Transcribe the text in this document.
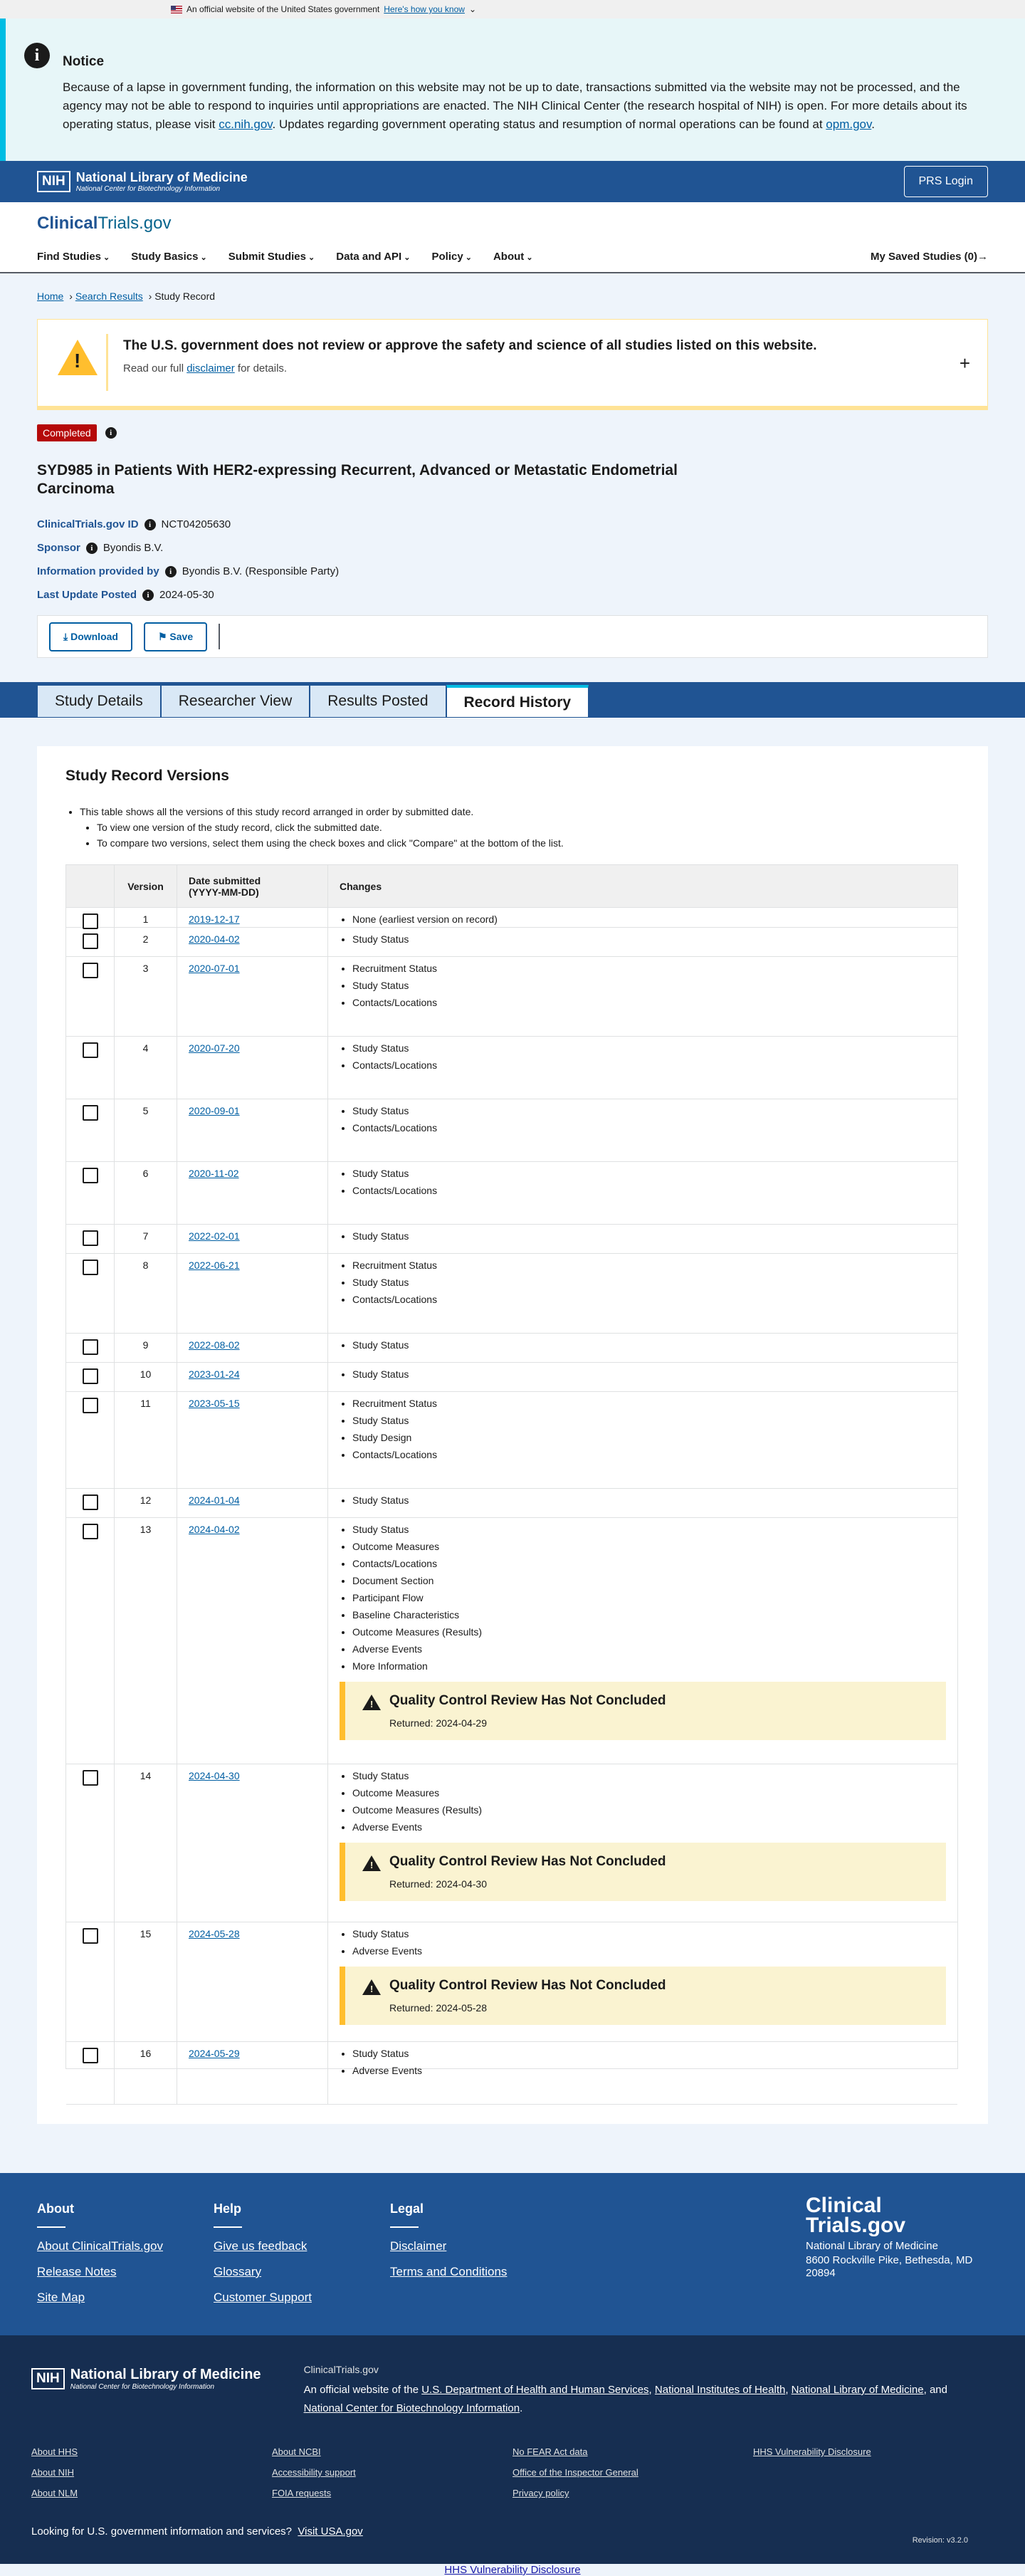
An official website of the United States government Here's how you know ⌄
i	Notice

Because of a lapse in government funding, the information on this website may not be up to date, transactions submitted via the website may not be processed, and the agency may not be able to respond to inquiries until appropriations are enacted. The NIH Clinical Center (the research hospital of NIH) is open. For more details about its operating status, please visit cc.nih.gov. Updates regarding government operating status and resumption of normal operations can be found at opm.gov.

NIH National Library of Medicine
National Center for Biotechnology Information
PRS Login
ClinicalTrials.gov
Find Studies ⌄	Study Basics ⌄	Submit Studies ⌄	Data and API ⌄	Policy ⌄	About ⌄	My Saved Studies (0)→
Home › Search Results › Study Record
!
The U.S. government does not review or approve the safety and science of all studies listed on this website.

Read our full disclaimer for details.	+
Completed	i
SYD985 in Patients With HER2-expressing Recurrent, Advanced or Metastatic Endometrial Carcinoma
ClinicalTrials.gov ID	i NCT04205630
Sponsor	i Byondis B.V.
Information provided by	i Byondis B.V. (Responsible Party)
Last Update Posted	i 2024-05-30
⤓ Download	⚑ Save
Study Details	Researcher View	Results Posted	Record History
Study Record Versions
• This table shows all the versions of this study record arranged in order by submitted date.
• To view one version of the study record, click the submitted date.
• To compare two versions, select them using the check boxes and click "Compare" at the bottom of the list.
Version	Date submitted
(YYYY-MM-DD)	Changes
1	2019-12-17	• None (earliest version on record)
2	2020-04-02	• Study Status
3	2020-07-01	• Recruitment Status
• Study Status
• Contacts/Locations
4	2020-07-20	• Study Status
• Contacts/Locations
5	2020-09-01	• Study Status
• Contacts/Locations
6	2020-11-02	• Study Status
• Contacts/Locations
7	2022-02-01	• Study Status
8	2022-06-21	• Recruitment Status
• Study Status
• Contacts/Locations
9	2022-08-02	• Study Status
10	2023-01-24	• Study Status
11	2023-05-15	• Recruitment Status
• Study Status
• Study Design
• Contacts/Locations
12	2024-01-04	• Study Status
13	2024-04-02	• Study Status
• Outcome Measures
• Contacts/Locations
• Document Section
• Participant Flow
• Baseline Characteristics
• Outcome Measures (Results)
• Adverse Events
• More Information
!
Quality Control Review Has Not Concluded
Returned: 2024-04-29
14	2024-04-30	• Study Status
• Outcome Measures
• Outcome Measures (Results)
• Adverse Events
!
Quality Control Review Has Not Concluded
Returned: 2024-04-30
15	2024-05-28	• Study Status
• Adverse Events
!
Quality Control Review Has Not Concluded
Returned: 2024-05-28
16	2024-05-29	• Study Status
• Adverse Events
About
About ClinicalTrials.gov
Release Notes
Site Map
Help
Give us feedback
Glossary
Customer Support
Legal
Disclaimer
Terms and Conditions
Clinical
Trials.gov
National Library of Medicine
8600 Rockville Pike, Bethesda, MD 20894
NIH National Library of Medicine
National Center for Biotechnology Information
ClinicalTrials.gov

An official website of the U.S. Department of Health and Human Services, National Institutes of Health, National Library of Medicine, and National Center for Biotechnology Information.

About HHS
About NIH
About NLM
About NCBI
Accessibility support
FOIA requests
No FEAR Act data
Office of the Inspector General
Privacy policy
HHS Vulnerability Disclosure
Looking for U.S. government information and services? Visit USA.gov
Revision: v3.2.0
HHS Vulnerability Disclosure
